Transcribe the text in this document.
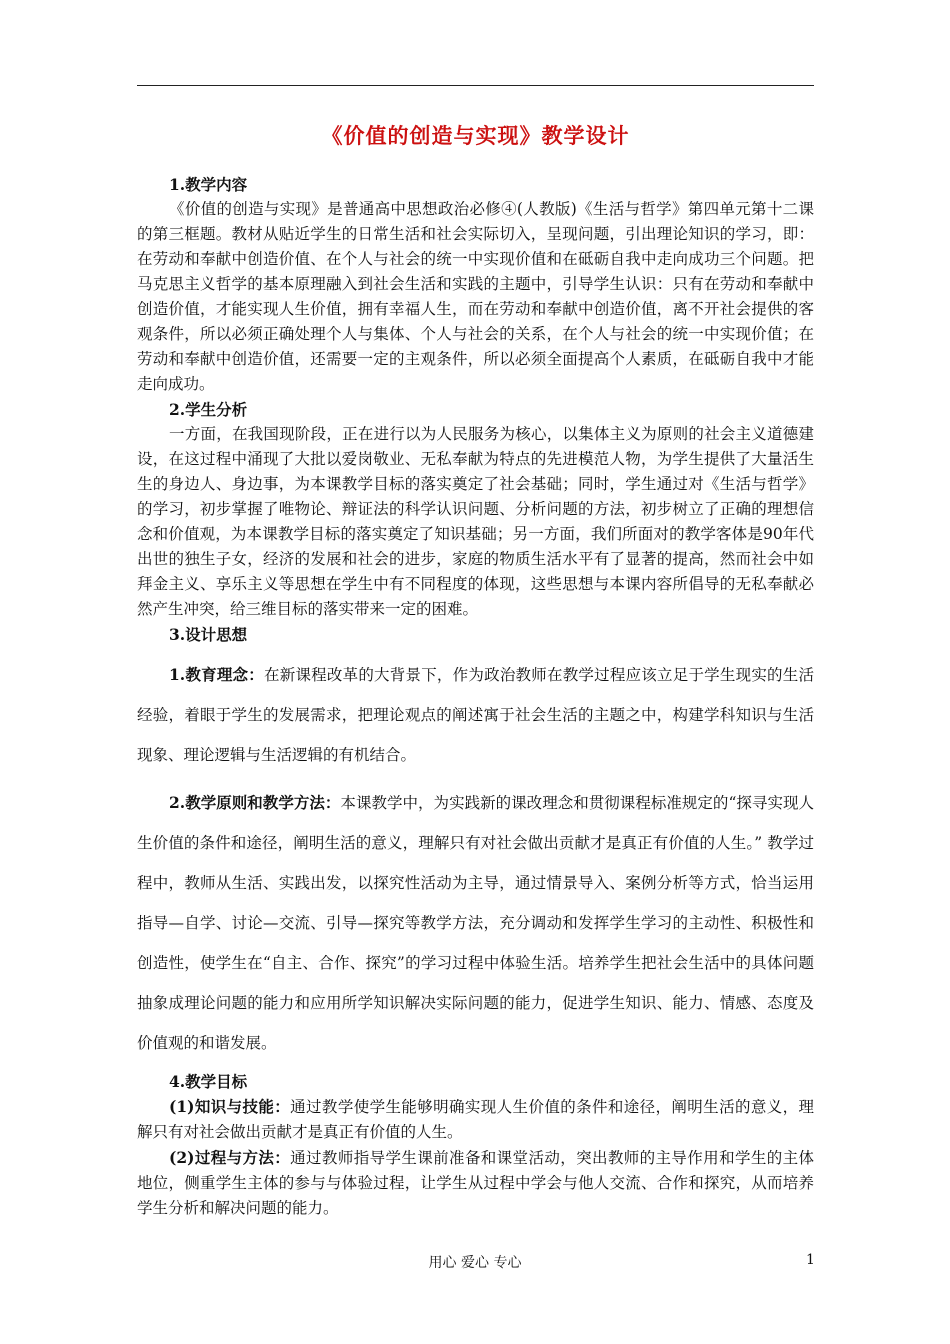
《价值的创造与实现》教学设计
1.教学内容
《价值的创造与实现》是普通高中思想政治必修④(人教版)《生活与哲学》第四单元第十二课的第三框题。教材从贴近学生的日常生活和社会实际切入，呈现问题，引出理论知识的学习，即：在劳动和奉献中创造价值、在个人与社会的统一中实现价值和在砥砺自我中走向成功三个问题。把马克思主义哲学的基本原理融入到社会生活和实践的主题中，引导学生认识：只有在劳动和奉献中创造价值，才能实现人生价值，拥有幸福人生，而在劳动和奉献中创造价值，离不开社会提供的客观条件，所以必须正确处理个人与集体、个人与社会的关系，在个人与社会的统一中实现价值；在劳动和奉献中创造价值，还需要一定的主观条件，所以必须全面提高个人素质，在砥砺自我中才能走向成功。
2.学生分析
一方面，在我国现阶段，正在进行以为人民服务为核心，以集体主义为原则的社会主义道德建设，在这过程中涌现了大批以爱岗敬业、无私奉献为特点的先进模范人物，为学生提供了大量活生生的身边人、身边事，为本课教学目标的落实奠定了社会基础；同时，学生通过对《生活与哲学》的学习，初步掌握了唯物论、辩证法的科学认识问题、分析问题的方法，初步树立了正确的理想信念和价值观，为本课教学目标的落实奠定了知识基础；另一方面，我们所面对的教学客体是90年代出世的独生子女，经济的发展和社会的进步，家庭的物质生活水平有了显著的提高，然而社会中如拜金主义、享乐主义等思想在学生中有不同程度的体现，这些思想与本课内容所倡导的无私奉献必然产生冲突，给三维目标的落实带来一定的困难。
3.设计思想
1.教育理念：在新课程改革的大背景下，作为政治教师在教学过程应该立足于学生现实的生活经验，着眼于学生的发展需求，把理论观点的阐述寓于社会生活的主题之中，构建学科知识与生活现象、理论逻辑与生活逻辑的有机结合。
2.教学原则和教学方法：本课教学中，为实践新的课改理念和贯彻课程标准规定的“探寻实现人生价值的条件和途径，阐明生活的意义，理解只有对社会做出贡献才是真正有价值的人生。” 教学过程中，教师从生活、实践出发，以探究性活动为主导，通过情景导入、案例分析等方式，恰当运用指导—自学、讨论—交流、引导—探究等教学方法，充分调动和发挥学生学习的主动性、积极性和创造性，使学生在“自主、合作、探究”的学习过程中体验生活。培养学生把社会生活中的具体问题抽象成理论问题的能力和应用所学知识解决实际问题的能力，促进学生知识、能力、情感、态度及价值观的和谐发展。
4.教学目标
(1)知识与技能：通过教学使学生能够明确实现人生价值的条件和途径，阐明生活的意义，理解只有对社会做出贡献才是真正有价值的人生。
(2)过程与方法：通过教师指导学生课前准备和课堂活动，突出教师的主导作用和学生的主体地位，侧重学生主体的参与与体验过程，让学生从过程中学会与他人交流、合作和探究，从而培养学生分析和解决问题的能力。
用心 爱心 专心	1
